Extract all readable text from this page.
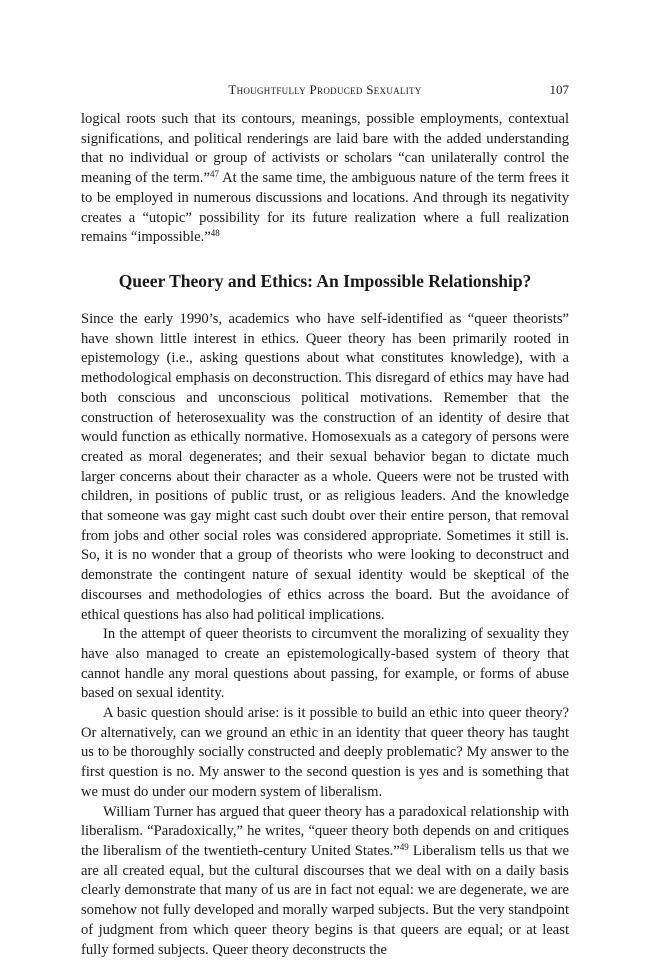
Thoughtfully Produced Sexuality	107

logical roots such that its contours, meanings, possible employments, contextual significations, and political renderings are laid bare with the added understanding that no individual or group of activists or scholars “can unilaterally control the meaning of the term.”$^{47}$ At the same time, the ambiguous nature of the term frees it to be employed in numerous discussions and locations. And through its negativity creates a “utopic” possibility for its future realization where a full realization remains “impossible.”$^{48}$

Queer Theory and Ethics: An Impossible Relationship?

Since the early 1990’s, academics who have self-identified as “queer theorists” have shown little interest in ethics. Queer theory has been primarily rooted in epistemology (i.e., asking questions about what constitutes knowledge), with a methodological emphasis on deconstruction. This disregard of ethics may have had both conscious and unconscious political motivations. Remember that the construction of heterosexuality was the construction of an identity of desire that would function as ethically normative. Homosexuals as a category of persons were created as moral degenerates; and their sexual behavior began to dictate much larger concerns about their character as a whole. Queers were not be trusted with children, in positions of public trust, or as religious leaders. And the knowledge that someone was gay might cast such doubt over their entire person, that removal from jobs and other social roles was considered appropriate. Sometimes it still is. So, it is no wonder that a group of theorists who were looking to deconstruct and demonstrate the contingent nature of sexual identity would be skeptical of the discourses and methodologies of ethics across the board. But the avoidance of ethical questions has also had political implications.

In the attempt of queer theorists to circumvent the moralizing of sexuality they have also managed to create an epistemologically-based system of theory that cannot handle any moral questions about passing, for example, or forms of abuse based on sexual identity.

A basic question should arise: is it possible to build an ethic into queer theory? Or alternatively, can we ground an ethic in an identity that queer theory has taught us to be thoroughly socially constructed and deeply problematic? My answer to the first question is no. My answer to the second question is yes and is something that we must do under our modern system of liberalism.

William Turner has argued that queer theory has a paradoxical relationship with liberalism. “Paradoxically,” he writes, “queer theory both depends on and critiques the liberalism of the twentieth-century United States.”$^{49}$ Liberalism tells us that we are all created equal, but the cultural discourses that we deal with on a daily basis clearly demonstrate that many of us are in fact not equal: we are degenerate, we are somehow not fully developed and morally warped subjects. But the very standpoint of judgment from which queer theory begins is that queers are equal; or at least fully formed subjects. Queer theory deconstructs the
